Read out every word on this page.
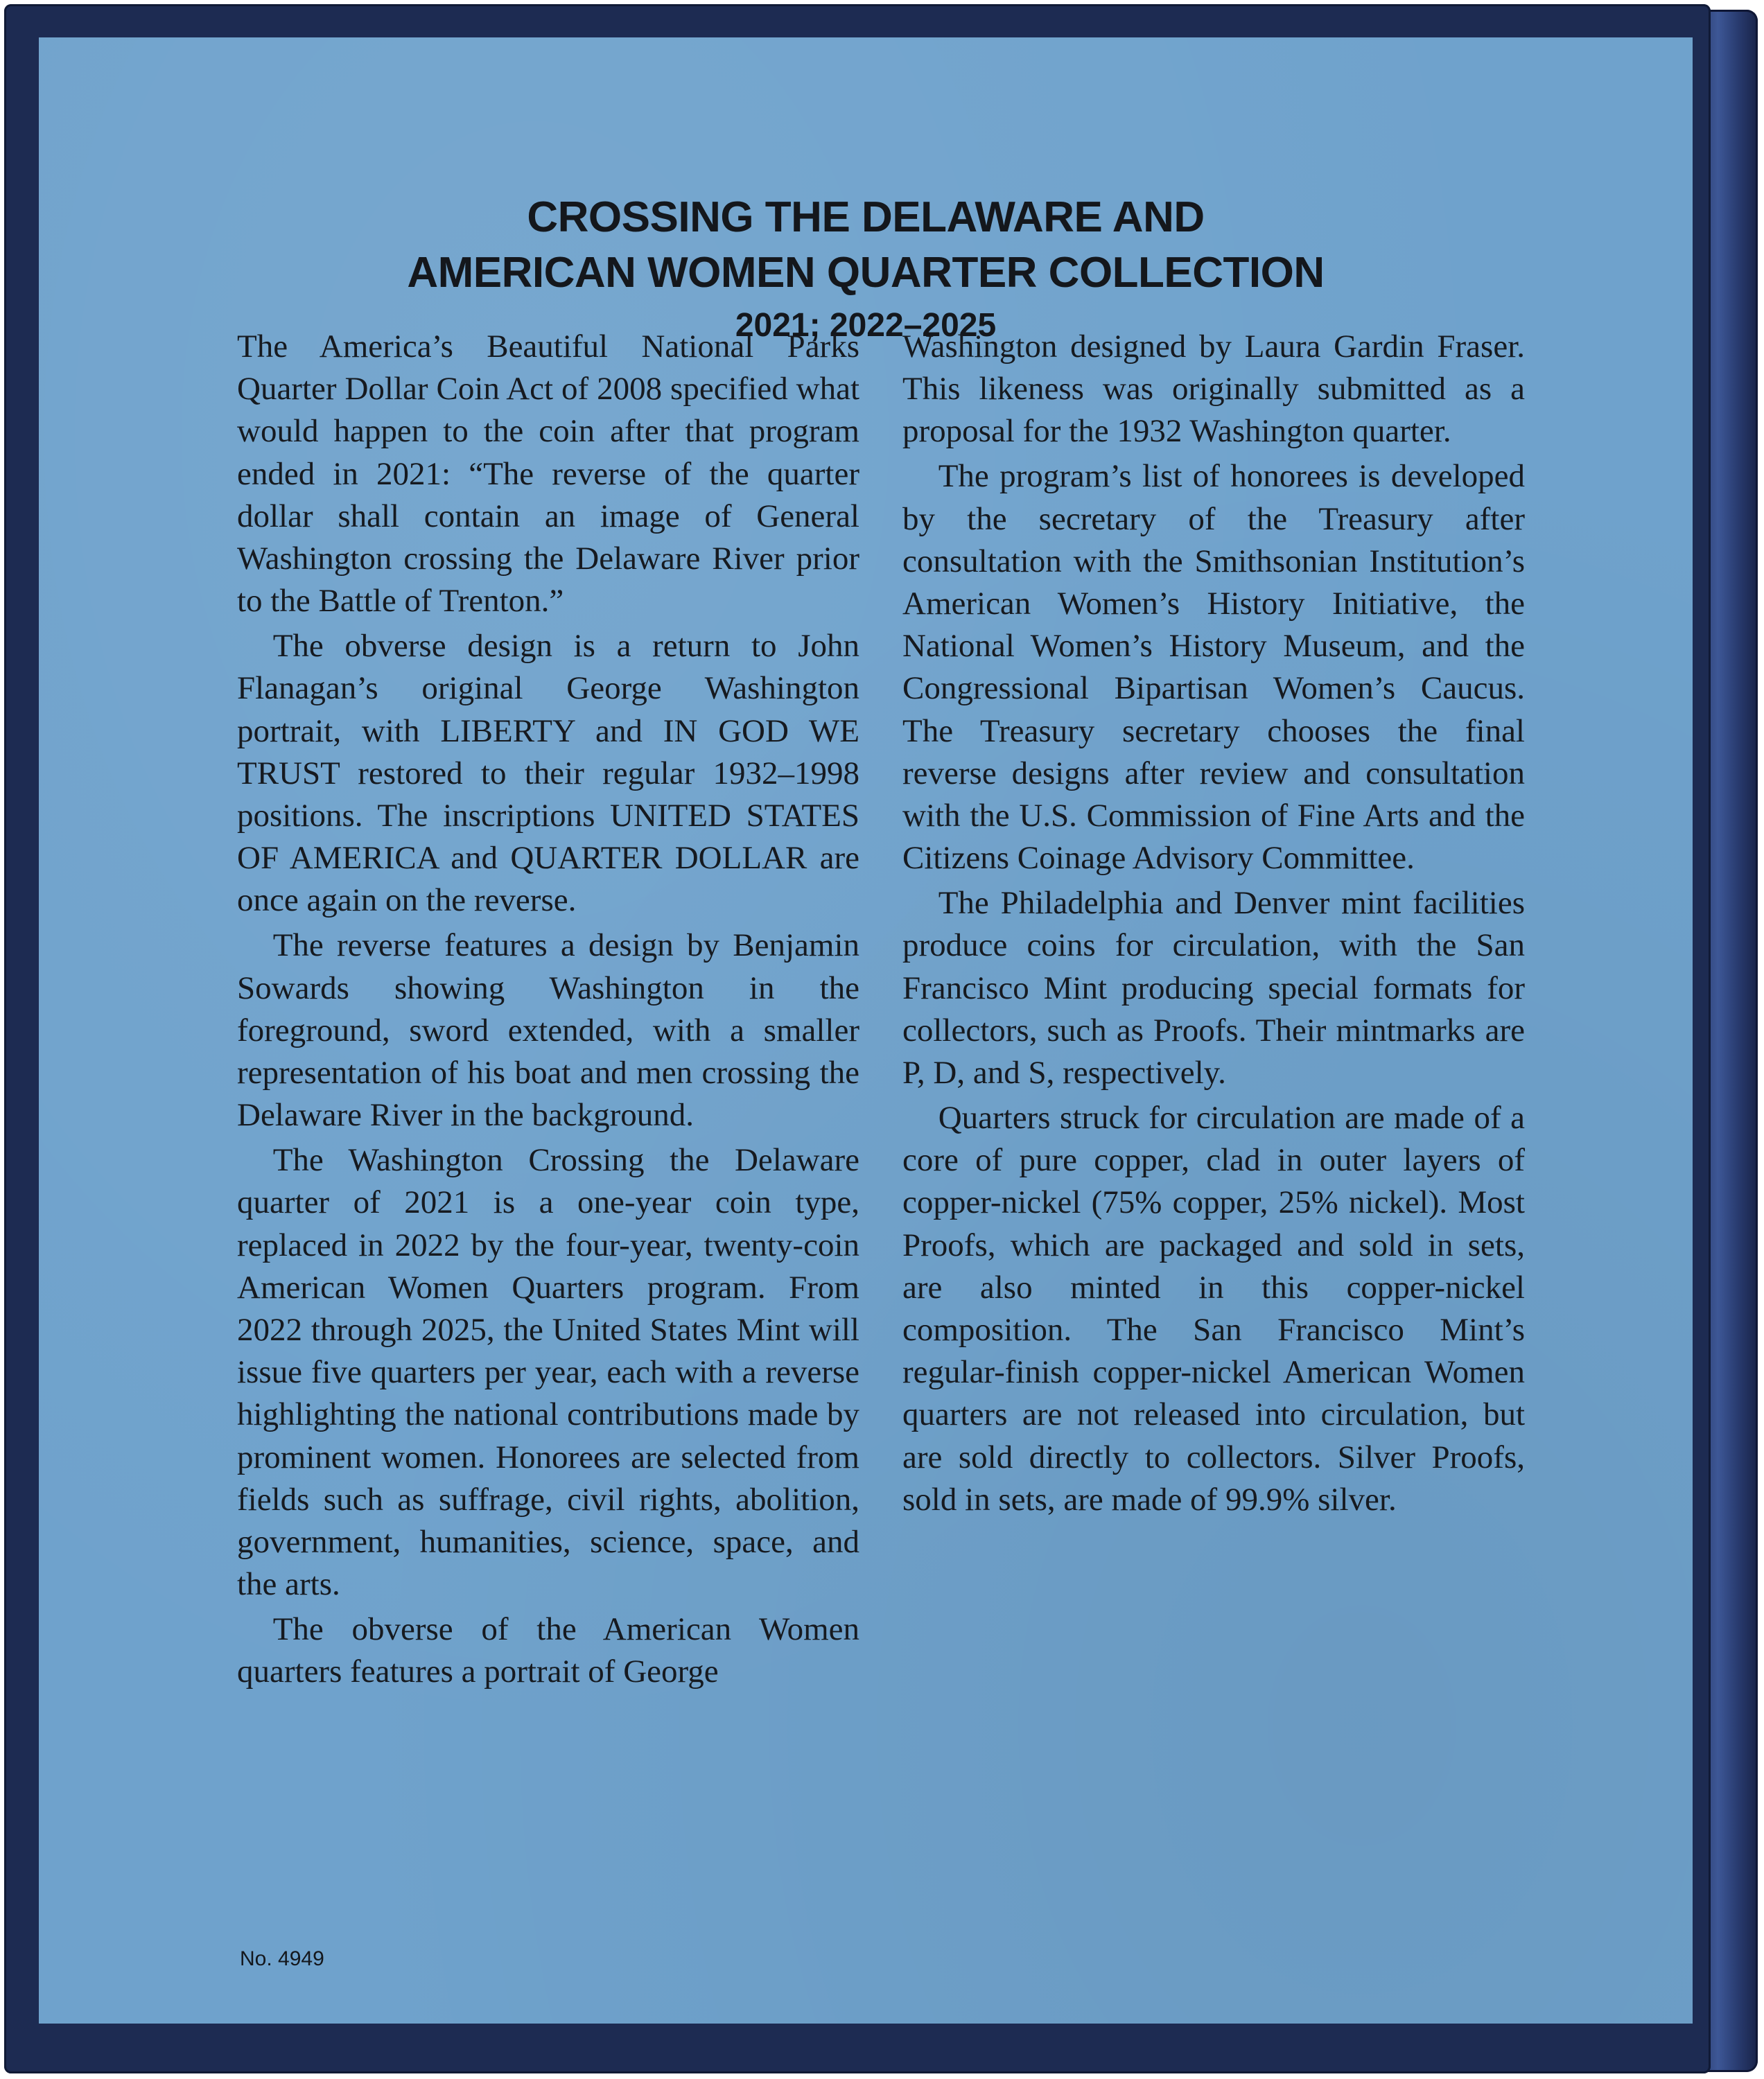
CROSSING THE DELAWARE AND
AMERICAN WOMEN QUARTER COLLECTION
2021; 2022–2025

The America’s Beautiful National Parks Quarter Dollar Coin Act of 2008 specified what would happen to the coin after that program ended in 2021: “The reverse of the quarter dollar shall contain an image of General Washington crossing the Delaware River prior to the Battle of Trenton.”

The obverse design is a return to John Flanagan’s original George Washington portrait, with LIBERTY and IN GOD WE TRUST restored to their regular 1932–1998 positions. The inscriptions UNITED STATES OF AMERICA and QUARTER DOLLAR are once again on the reverse.

The reverse features a design by Benjamin Sowards showing Washington in the foreground, sword extended, with a smaller representation of his boat and men crossing the Delaware River in the background.

The Washington Crossing the Delaware quarter of 2021 is a one-year coin type, replaced in 2022 by the four-year, twenty-coin American Women Quarters program. From 2022 through 2025, the United States Mint will issue five quarters per year, each with a reverse highlighting the national contributions made by prominent women. Honorees are selected from fields such as suffrage, civil rights, abolition, government, humanities, science, space, and the arts.

The obverse of the American Women quarters features a portrait of George

Washington designed by Laura Gardin Fraser. This likeness was originally submitted as a proposal for the 1932 Washington quarter.

The program’s list of honorees is developed by the secretary of the Treasury after consultation with the Smithsonian Institution’s American Women’s History Initiative, the National Women’s History Museum, and the Congressional Bipartisan Women’s Caucus. The Treasury secretary chooses the final reverse designs after review and consultation with the U.S. Commission of Fine Arts and the Citizens Coinage Advisory Committee.

The Philadelphia and Denver mint facilities produce coins for circulation, with the San Francisco Mint producing special formats for collectors, such as Proofs. Their mintmarks are P, D, and S, respectively.

Quarters struck for circulation are made of a core of pure copper, clad in outer layers of copper-nickel (75% copper, 25% nickel). Most Proofs, which are packaged and sold in sets, are also minted in this copper-nickel composition. The San Francisco Mint’s regular-finish copper-nickel American Women quarters are not released into circulation, but are sold directly to collectors. Silver Proofs, sold in sets, are made of 99.9% silver.

No. 4949
